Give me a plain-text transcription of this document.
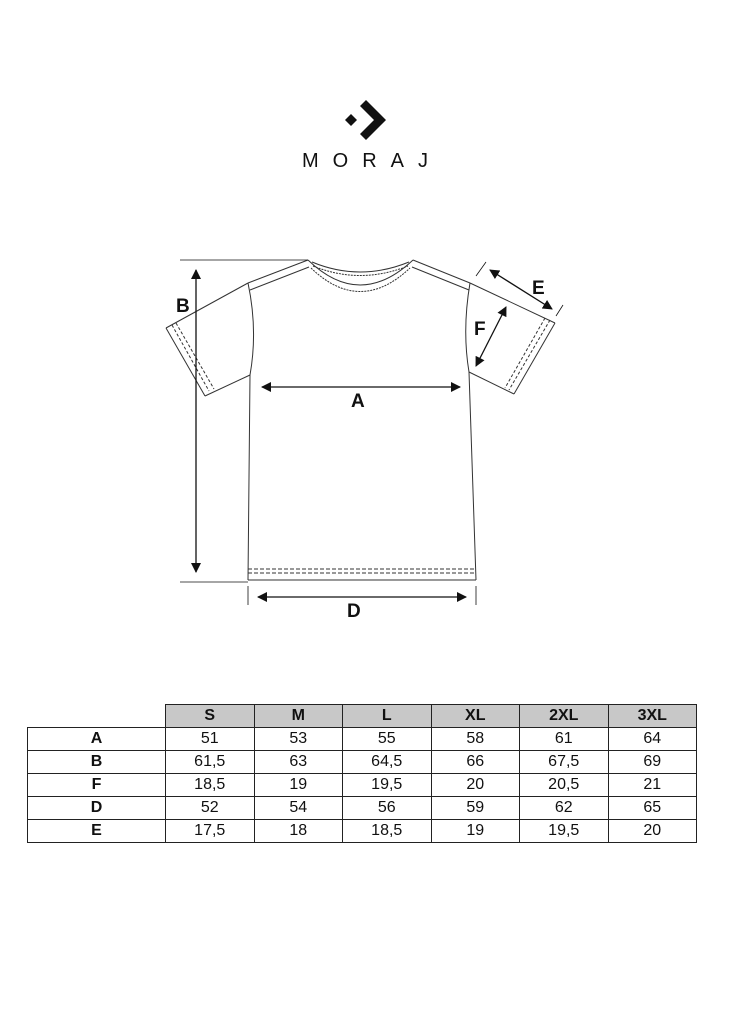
MORAJ
B
A
D
E
F
	S	M	L	XL	2XL	3XL
A	51	53	55	58	61	64
B	61,5	63	64,5	66	67,5	69
F	18,5	19	19,5	20	20,5	21
D	52	54	56	59	62	65
E	17,5	18	18,5	19	19,5	20
